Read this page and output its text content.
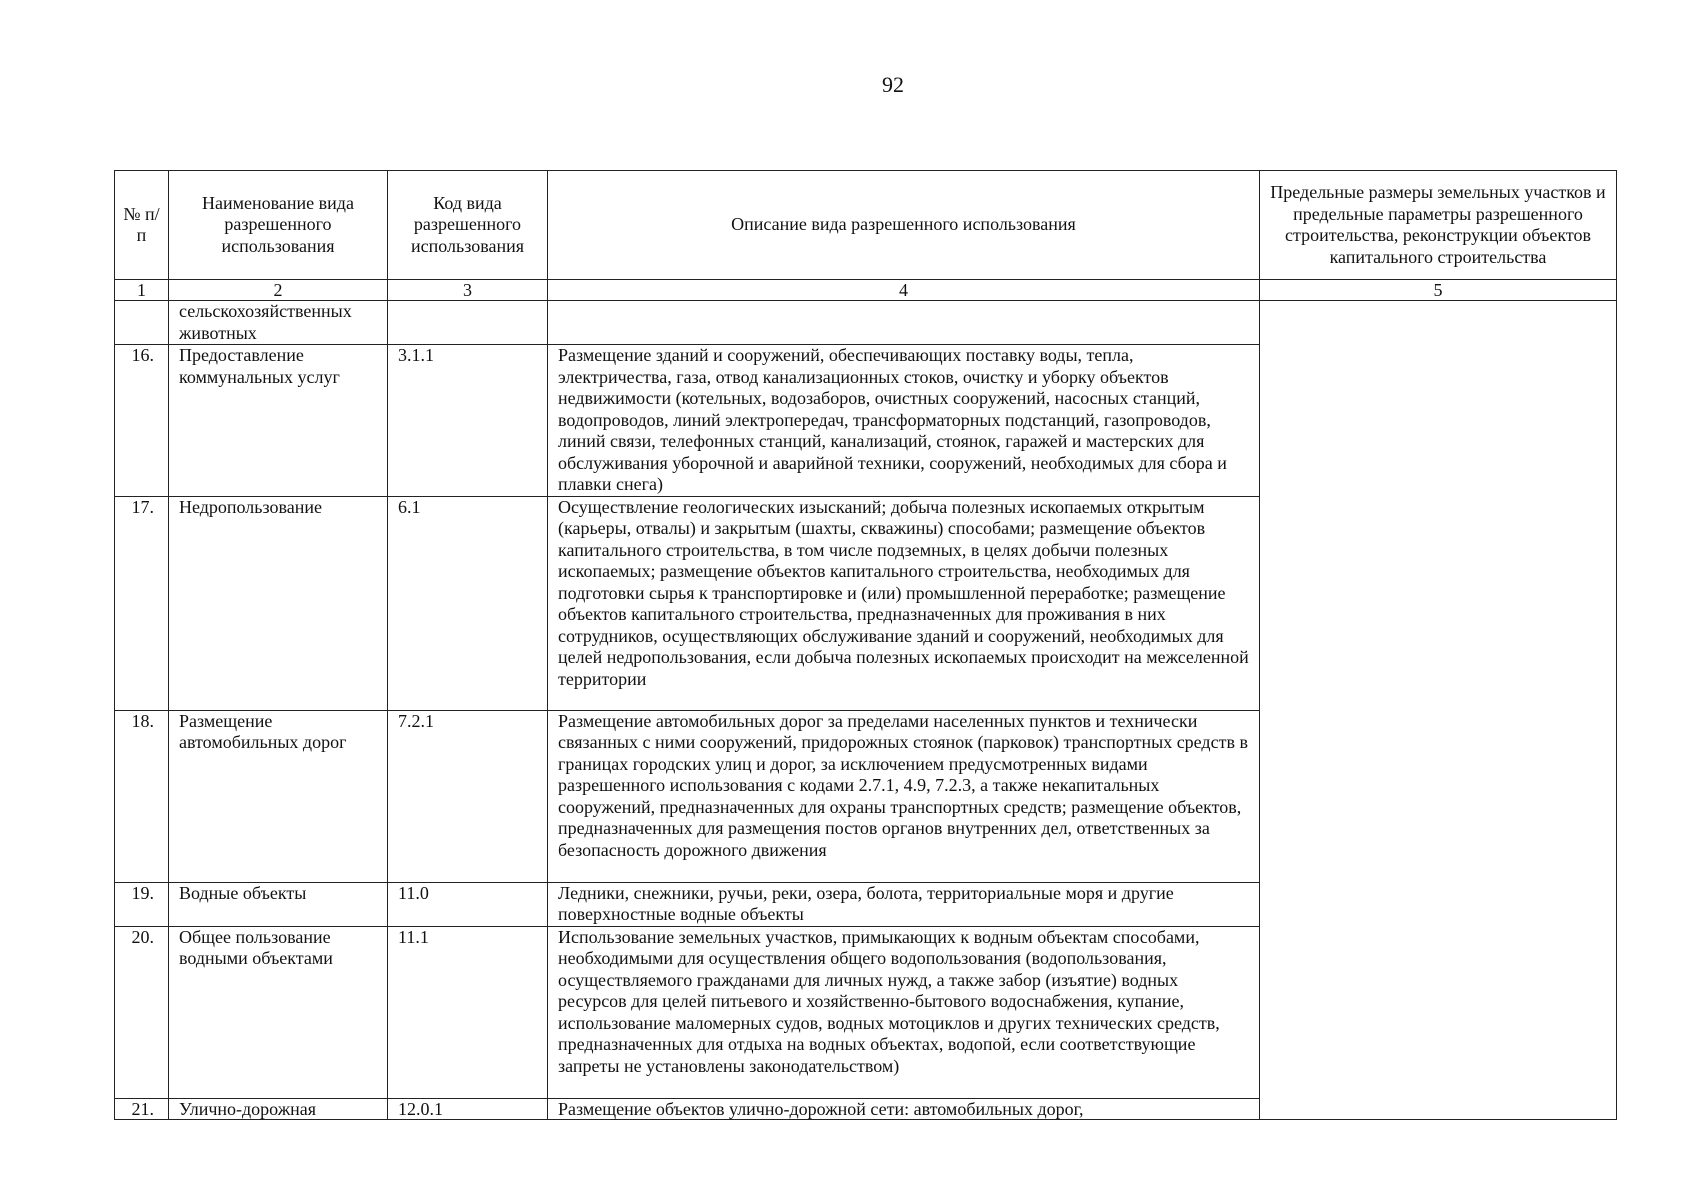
92
№ п/п	Наименование вида разрешенного использования	Код вида разрешенного использования	Описание вида разрешенного использования	Предельные размеры земельных участков и предельные параметры разрешенного строительства, реконструкции объектов капитального строительства
1	2	3	4	5
	сельскохозяйственных животных			
16.	Предоставление коммунальных услуг	3.1.1	Размещение зданий и сооружений, обеспечивающих поставку воды, тепла, электричества, газа, отвод канализационных стоков, очистку и уборку объектов недвижимости (котельных, водозаборов, очистных сооружений, насосных станций, водопроводов, линий электропередач, трансформаторных подстанций, газопроводов, линий связи, телефонных станций, канализаций, стоянок, гаражей и мастерских для обслуживания уборочной и аварийной техники, сооружений, необходимых для сбора и плавки снега)	
17.	Недропользование	6.1	Осуществление геологических изысканий; добыча полезных ископаемых открытым (карьеры, отвалы) и закрытым (шахты, скважины) способами; размещение объектов капитального строительства, в том числе подземных, в целях добычи полезных ископаемых; размещение объектов капитального строительства, необходимых для подготовки сырья к транспортировке и (или) промышленной переработке; размещение объектов капитального строительства, предназначенных для проживания в них сотрудников, осуществляющих обслуживание зданий и сооружений, необходимых для целей недропользования, если добыча полезных ископаемых происходит на межселенной территории	
18.	Размещение автомобильных дорог	7.2.1	Размещение автомобильных дорог за пределами населенных пунктов и технически связанных с ними сооружений, придорожных стоянок (парковок) транспортных средств в границах городских улиц и дорог, за исключением предусмотренных видами разрешенного использования с кодами 2.7.1, 4.9, 7.2.3, а также некапитальных сооружений, предназначенных для охраны транспортных средств; размещение объектов, предназначенных для размещения постов органов внутренних дел, ответственных за безопасность дорожного движения	
19.	Водные объекты	11.0	Ледники, снежники, ручьи, реки, озера, болота, территориальные моря и другие поверхностные водные объекты	
20.	Общее пользование водными объектами	11.1	Использование земельных участков, примыкающих к водным объектам способами, необходимыми для осуществления общего водопользования (водопользования, осуществляемого гражданами для личных нужд, а также забор (изъятие) водных ресурсов для целей питьевого и хозяйственно-бытового водоснабжения, купание, использование маломерных судов, водных мотоциклов и других технических средств, предназначенных для отдыха на водных объектах, водопой, если соответствующие запреты не установлены законодательством)	

21.	Улично-дорожная	12.0.1	Размещение объектов улично-дорожной сети: автомобильных дорог,	
